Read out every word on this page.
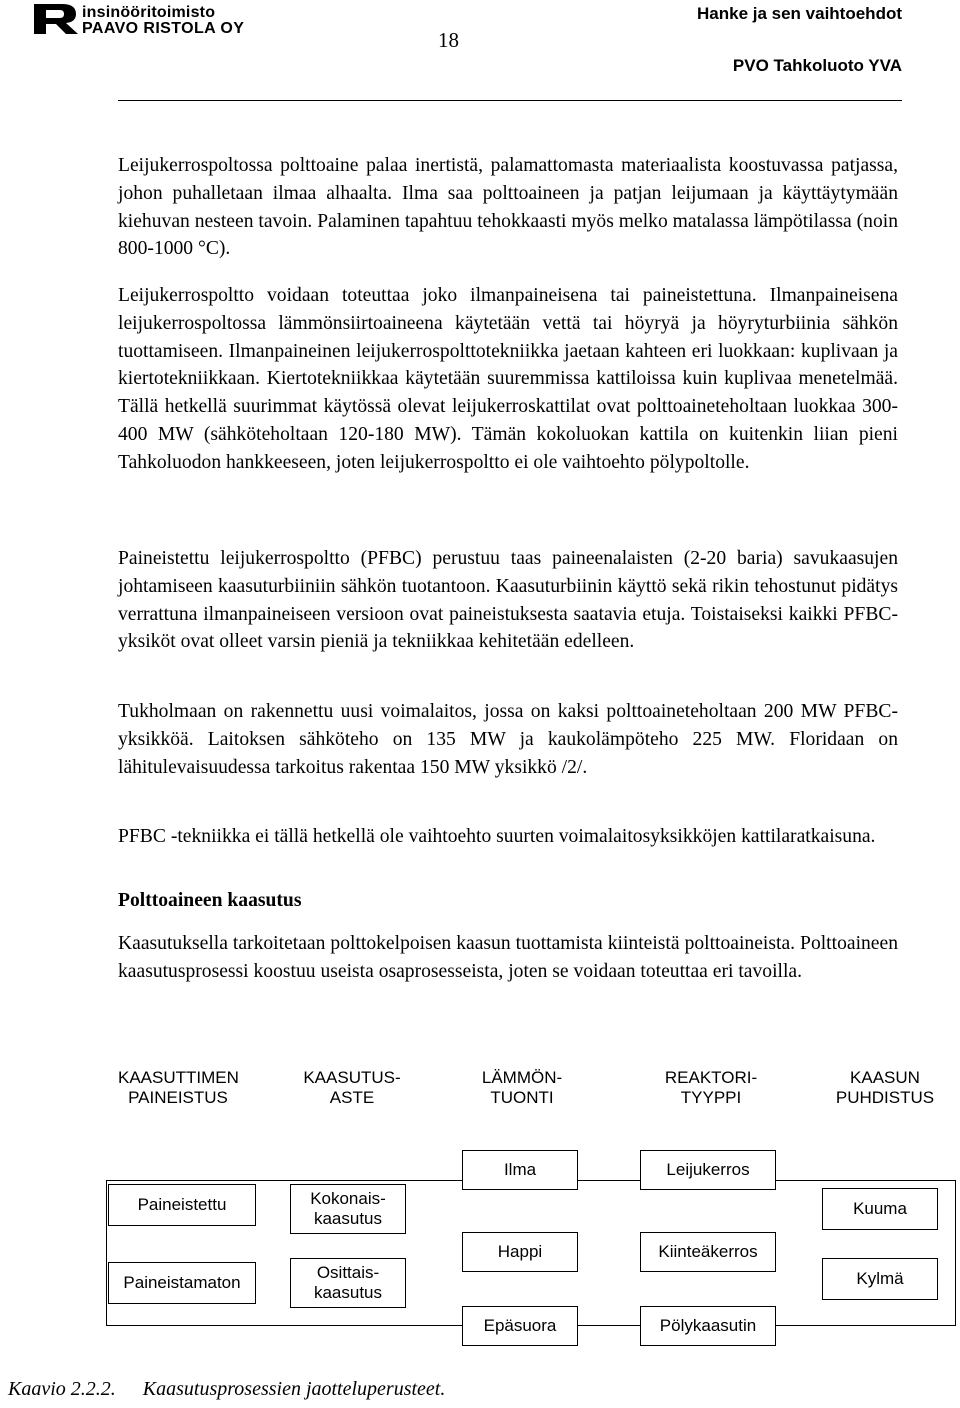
insinööritoimisto
PAAVO RISTOLA OY	18
Hanke ja sen vaihtoehdot
PVO Tahkoluoto YVA

Leijukerrospoltossa polttoaine palaa inertistä, palamattomasta materiaalista koostuvassa patjassa, johon puhalletaan ilmaa alhaalta. Ilma saa polttoaineen ja patjan leijumaan ja käyttäytymään kiehuvan nesteen tavoin. Palaminen tapahtuu tehokkaasti myös melko matalassa lämpötilassa (noin 800-1000 °C).

Leijukerrospoltto voidaan toteuttaa joko ilmanpaineisena tai paineistettuna. Ilmanpaineisena leijukerrospoltossa lämmönsiirtoaineena käytetään vettä tai höyryä ja höyryturbiinia sähkön tuottamiseen. Ilmanpaineinen leijukerrospolttotekniikka jaetaan kahteen eri luokkaan: kuplivaan ja kiertotekniikkaan. Kiertotekniikkaa käytetään suuremmissa kattiloissa kuin kuplivaa menetelmää. Tällä hetkellä suurimmat käytössä olevat leijukerroskattilat ovat polttoaineteholtaan luokkaa 300-400 MW (sähköteholtaan 120-180 MW). Tämän kokoluokan kattila on kuitenkin liian pieni Tahkoluodon hankkeeseen, joten leijukerrospoltto ei ole vaihtoehto pölypoltolle.

Paineistettu leijukerrospoltto (PFBC) perustuu taas paineenalaisten (2-20 baria) savukaasujen johtamiseen kaasuturbiiniin sähkön tuotantoon. Kaasuturbiinin käyttö sekä rikin tehostunut pidätys verrattuna ilmanpaineiseen versioon ovat paineistuksesta saatavia etuja. Toistaiseksi kaikki PFBC-yksiköt ovat olleet varsin pieniä ja tekniikkaa kehitetään edelleen.

Tukholmaan on rakennettu uusi voimalaitos, jossa on kaksi polttoaineteholtaan 200 MW PFBC-yksikköä. Laitoksen sähköteho on 135 MW ja kaukolämpöteho 225 MW. Floridaan on lähitulevaisuudessa tarkoitus rakentaa 150 MW yksikkö /2/.

PFBC -tekniikka ei tällä hetkellä ole vaihtoehto suurten voimalaitosyksikköjen kattilaratkaisuna.

Polttoaineen kaasutus

Kaasutuksella tarkoitetaan polttokelpoisen kaasun tuottamista kiinteistä polttoaineista. Polttoaineen kaasutusprosessi koostuu useista osaprosesseista, joten se voidaan toteuttaa eri tavoilla.

KAASUTTIMEN
PAINEISTUS
KAASUTUS-
ASTE
LÄMMÖN-
TUONTI
REAKTORI-
TYYPPI
KAASUN
PUHDISTUS
Paineistettu
Paineistamaton
Kokonais-
kaasutus
Osittais-
kaasutus
Ilma
Happi
Epäsuora
Leijukerros
Kiinteäkerros
Pölykaasutin
Kuuma
Kylmä
Kaavio 2.2.2. Kaasutusprosessien jaotteluperusteet.
